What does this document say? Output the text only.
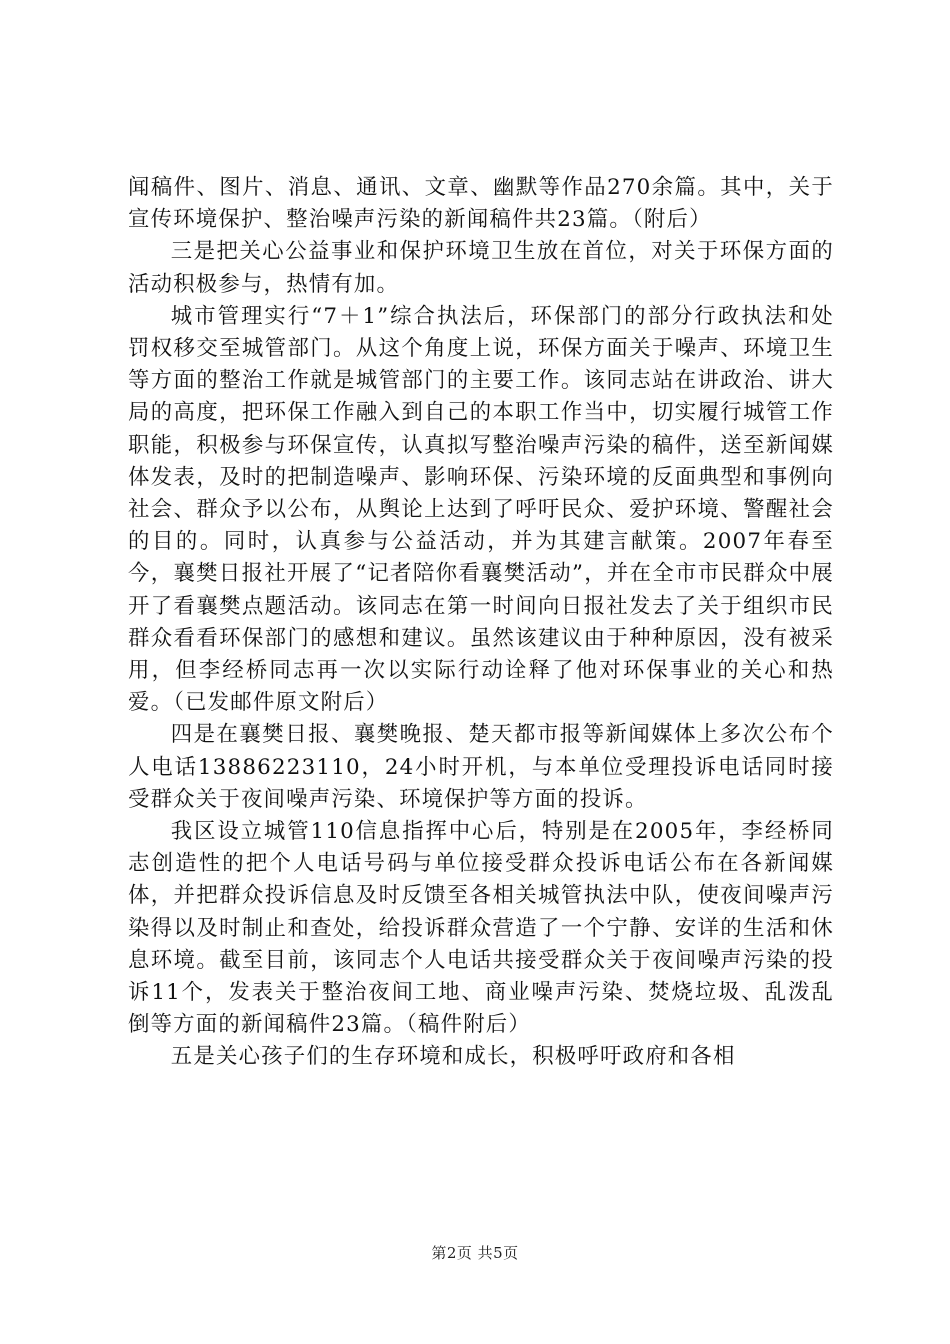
闻稿件、图片、消息、通讯、文章、幽默等作品270余篇。其中，关于宣传环境保护、整治噪声污染的新闻稿件共23篇。（附后）

三是把关心公益事业和保护环境卫生放在首位，对关于环保方面的活动积极参与，热情有加。

城市管理实行“7＋1”综合执法后，环保部门的部分行政执法和处罚权移交至城管部门。从这个角度上说，环保方面关于噪声、环境卫生等方面的整治工作就是城管部门的主要工作。该同志站在讲政治、讲大局的高度，把环保工作融入到自己的本职工作当中，切实履行城管工作职能，积极参与环保宣传，认真拟写整治噪声污染的稿件，送至新闻媒体发表，及时的把制造噪声、影响环保、污染环境的反面典型和事例向社会、群众予以公布，从舆论上达到了呼吁民众、爱护环境、警醒社会的目的。同时，认真参与公益活动，并为其建言献策。2007年春至今，襄樊日报社开展了“记者陪你看襄樊活动”，并在全市市民群众中展开了看襄樊点题活动。该同志在第一时间向日报社发去了关于组织市民群众看看环保部门的感想和建议。虽然该建议由于种种原因，没有被采用，但李经桥同志再一次以实际行动诠释了他对环保事业的关心和热爱。（已发邮件原文附后）

四是在襄樊日报、襄樊晚报、楚天都市报等新闻媒体上多次公布个人电话13886223110，24小时开机，与本单位受理投诉电话同时接受群众关于夜间噪声污染、环境保护等方面的投诉。

我区设立城管110信息指挥中心后，特别是在2005年，李经桥同志创造性的把个人电话号码与单位接受群众投诉电话公布在各新闻媒体，并把群众投诉信息及时反馈至各相关城管执法中队，使夜间噪声污染得以及时制止和查处，给投诉群众营造了一个宁静、安详的生活和休息环境。截至目前，该同志个人电话共接受群众关于夜间噪声污染的投诉11个，发表关于整治夜间工地、商业噪声污染、焚烧垃圾、乱泼乱倒等方面的新闻稿件23篇。（稿件附后）

五是关心孩子们的生存环境和成长，积极呼吁政府和各相

第2页 共5页
